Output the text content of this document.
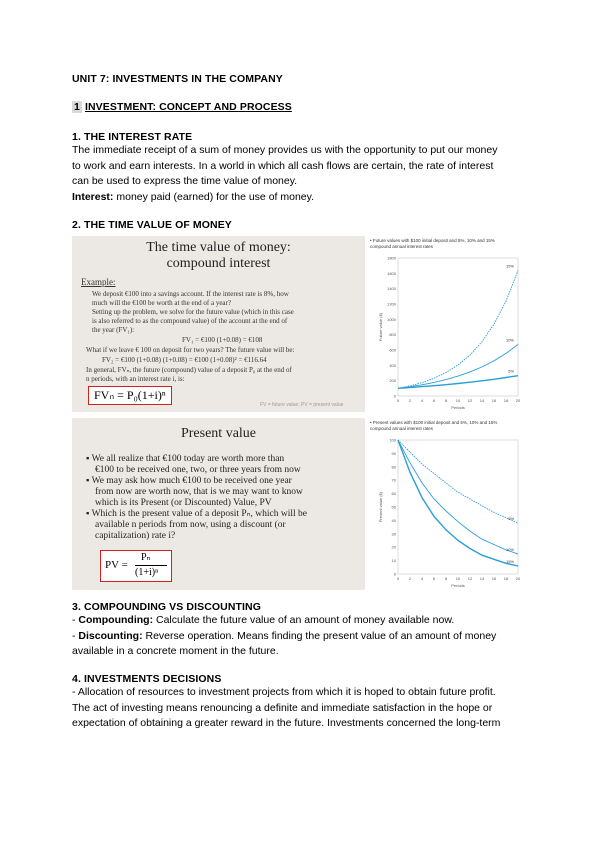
UNIT 7: INVESTMENTS IN THE COMPANY
1 INVESTMENT: CONCEPT AND PROCESS
1. THE INTEREST RATE
The immediate receipt of a sum of money provides us with the opportunity to put our money
to work and earn interests. In a world in which all cash flows are certain, the rate of interest
can be used to express the time value of money.
Interest: money paid (earned) for the use of money.
2. THE TIME VALUE OF MONEY
The time value of money:
compound interest
Example:
We deposit €100 into a savings account. If the interest rate is 8%, how
much will the €100 be worth at the end of a year?
Setting up the problem, we solve for the future value (which in this case
is also referred to as the compound value) of the account at the end of
the year (FV₁):
FV₁ = €100 (1+0.08) = €108
What if we leave € 100 on deposit for two years? The future value will be:
FV₂ = €100 (1+0.08) (1+0.08) = €100 (1+0.08)² = €116.64
In general, FVₙ, the future (compound) value of a deposit P₀ at the end of
n periods, with an interest rate i, is:
FVₙ = P₀(1+i)ⁿ
FV = future value; PV = present value
• Future values with $100 initial deposit and 5%, 10% and 15%
compound annual interest rates
0
200
400
600
800
1000
1200
1400
1600
1800
0 2 4 6 8 10 12 14 16 18 20
Periods
Future value ($)
15%
10%
5%
Present value
▪ We all realize that €100 today are worth more than
€100 to be received one, two, or three years from now
▪ We may ask how much €100 to be received one year
from now are worth now, that is we may want to know
which is its Present (or Discounted) Value, PV
▪ Which is the present value of a deposit Pₙ, which will be
available n periods from now, using a discount (or
capitalization) rate i?
PV =
Pₙ
(1+i)ⁿ
• Present values with $100 initial deposit and 5%, 10% and 15%
compound annual interest rates
0
10
20
30
40
50
60
70
80
90
100
0 2 4 6 8 10 12 14 16 18 20
Periods
Present value ($)	5%
10%
15%
3. COMPOUNDING VS DISCOUNTING
- Compounding: Calculate the future value of an amount of money available now.
- Discounting: Reverse operation. Means finding the present value of an amount of money
available in a concrete moment in the future.
4. INVESTMENTS DECISIONS
- Allocation of resources to investment projects from which it is hoped to obtain future profit.
The act of investing means renouncing a definite and immediate satisfaction in the hope or
expectation of obtaining a greater reward in the future. Investments concerned the long-term
